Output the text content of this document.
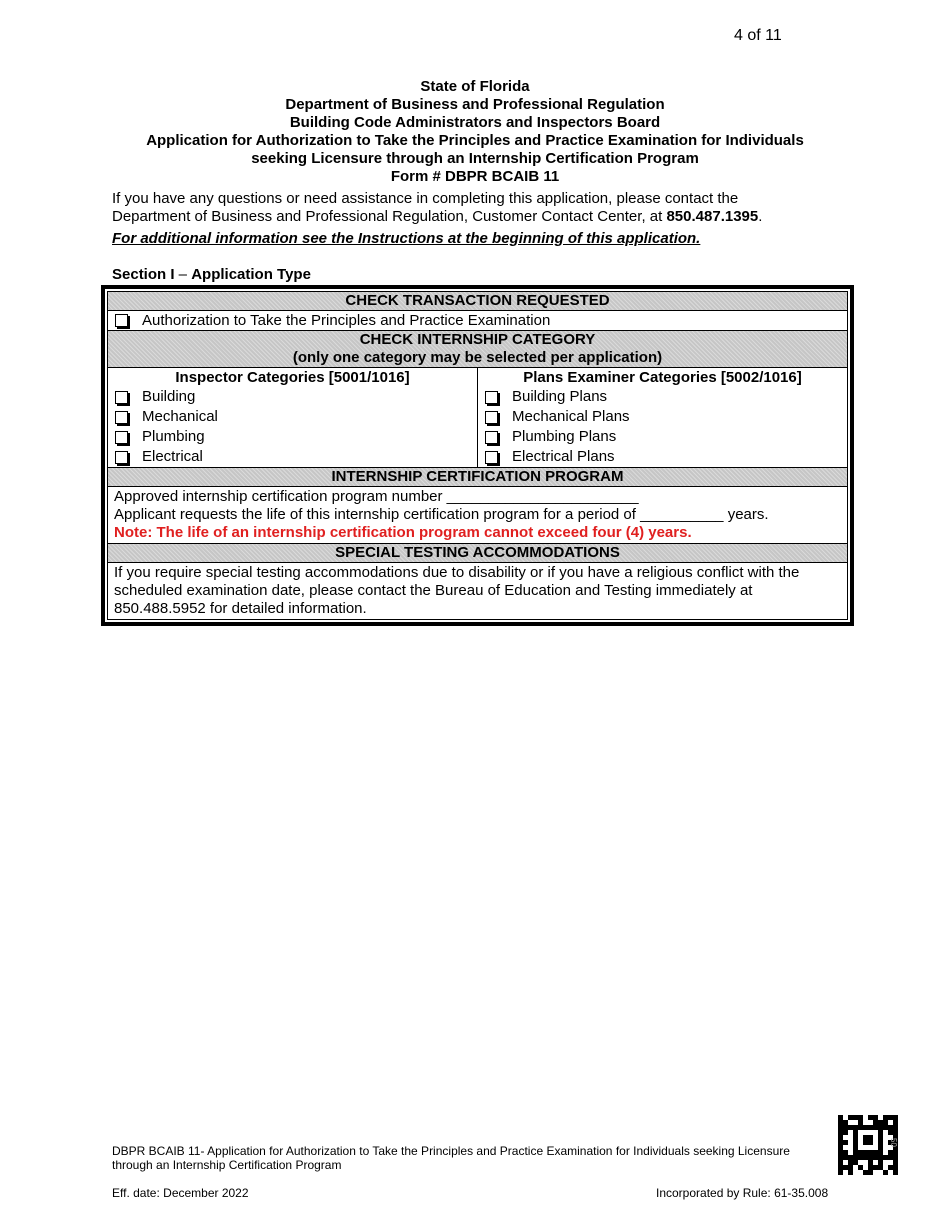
4 of 11
State of Florida
Department of Business and Professional Regulation
Building Code Administrators and Inspectors Board
Application for Authorization to Take the Principles and Practice Examination for Individuals
seeking Licensure through an Internship Certification Program
Form # DBPR BCAIB 11
If you have any questions or need assistance in completing this application, please contact the Department of Business and Professional Regulation, Customer Contact Center, at 850.487.1395.
For additional information see the Instructions at the beginning of this application.
Section I – Application Type
CHECK TRANSACTION REQUESTED
Authorization to Take the Principles and Practice Examination
CHECK INTERNSHIP CATEGORY
(only one category may be selected per application)
Inspector Categories [5001/1016]
Building
Mechanical
Plumbing
Electrical
Plans Examiner Categories [5002/1016]
Building Plans
Mechanical Plans
Plumbing Plans
Electrical Plans
INTERNSHIP CERTIFICATION PROGRAM
Approved internship certification program number _______________________
Applicant requests the life of this internship certification program for a period of __________ years.
Note: The life of an internship certification program cannot exceed four (4) years.
SPECIAL TESTING ACCOMMODATIONS
If you require special testing accommodations due to disability or if you have a religious conflict with the scheduled examination date, please contact the Bureau of Education and Testing immediately at 850.488.5952 for detailed information.
DBPR BCAIB 11- Application for Authorization to Take the Principles and Practice Examination for Individuals seeking Licensure through an Internship Certification Program
Eff. date: December 2022	Incorporated by Rule: 61-35.008
50
